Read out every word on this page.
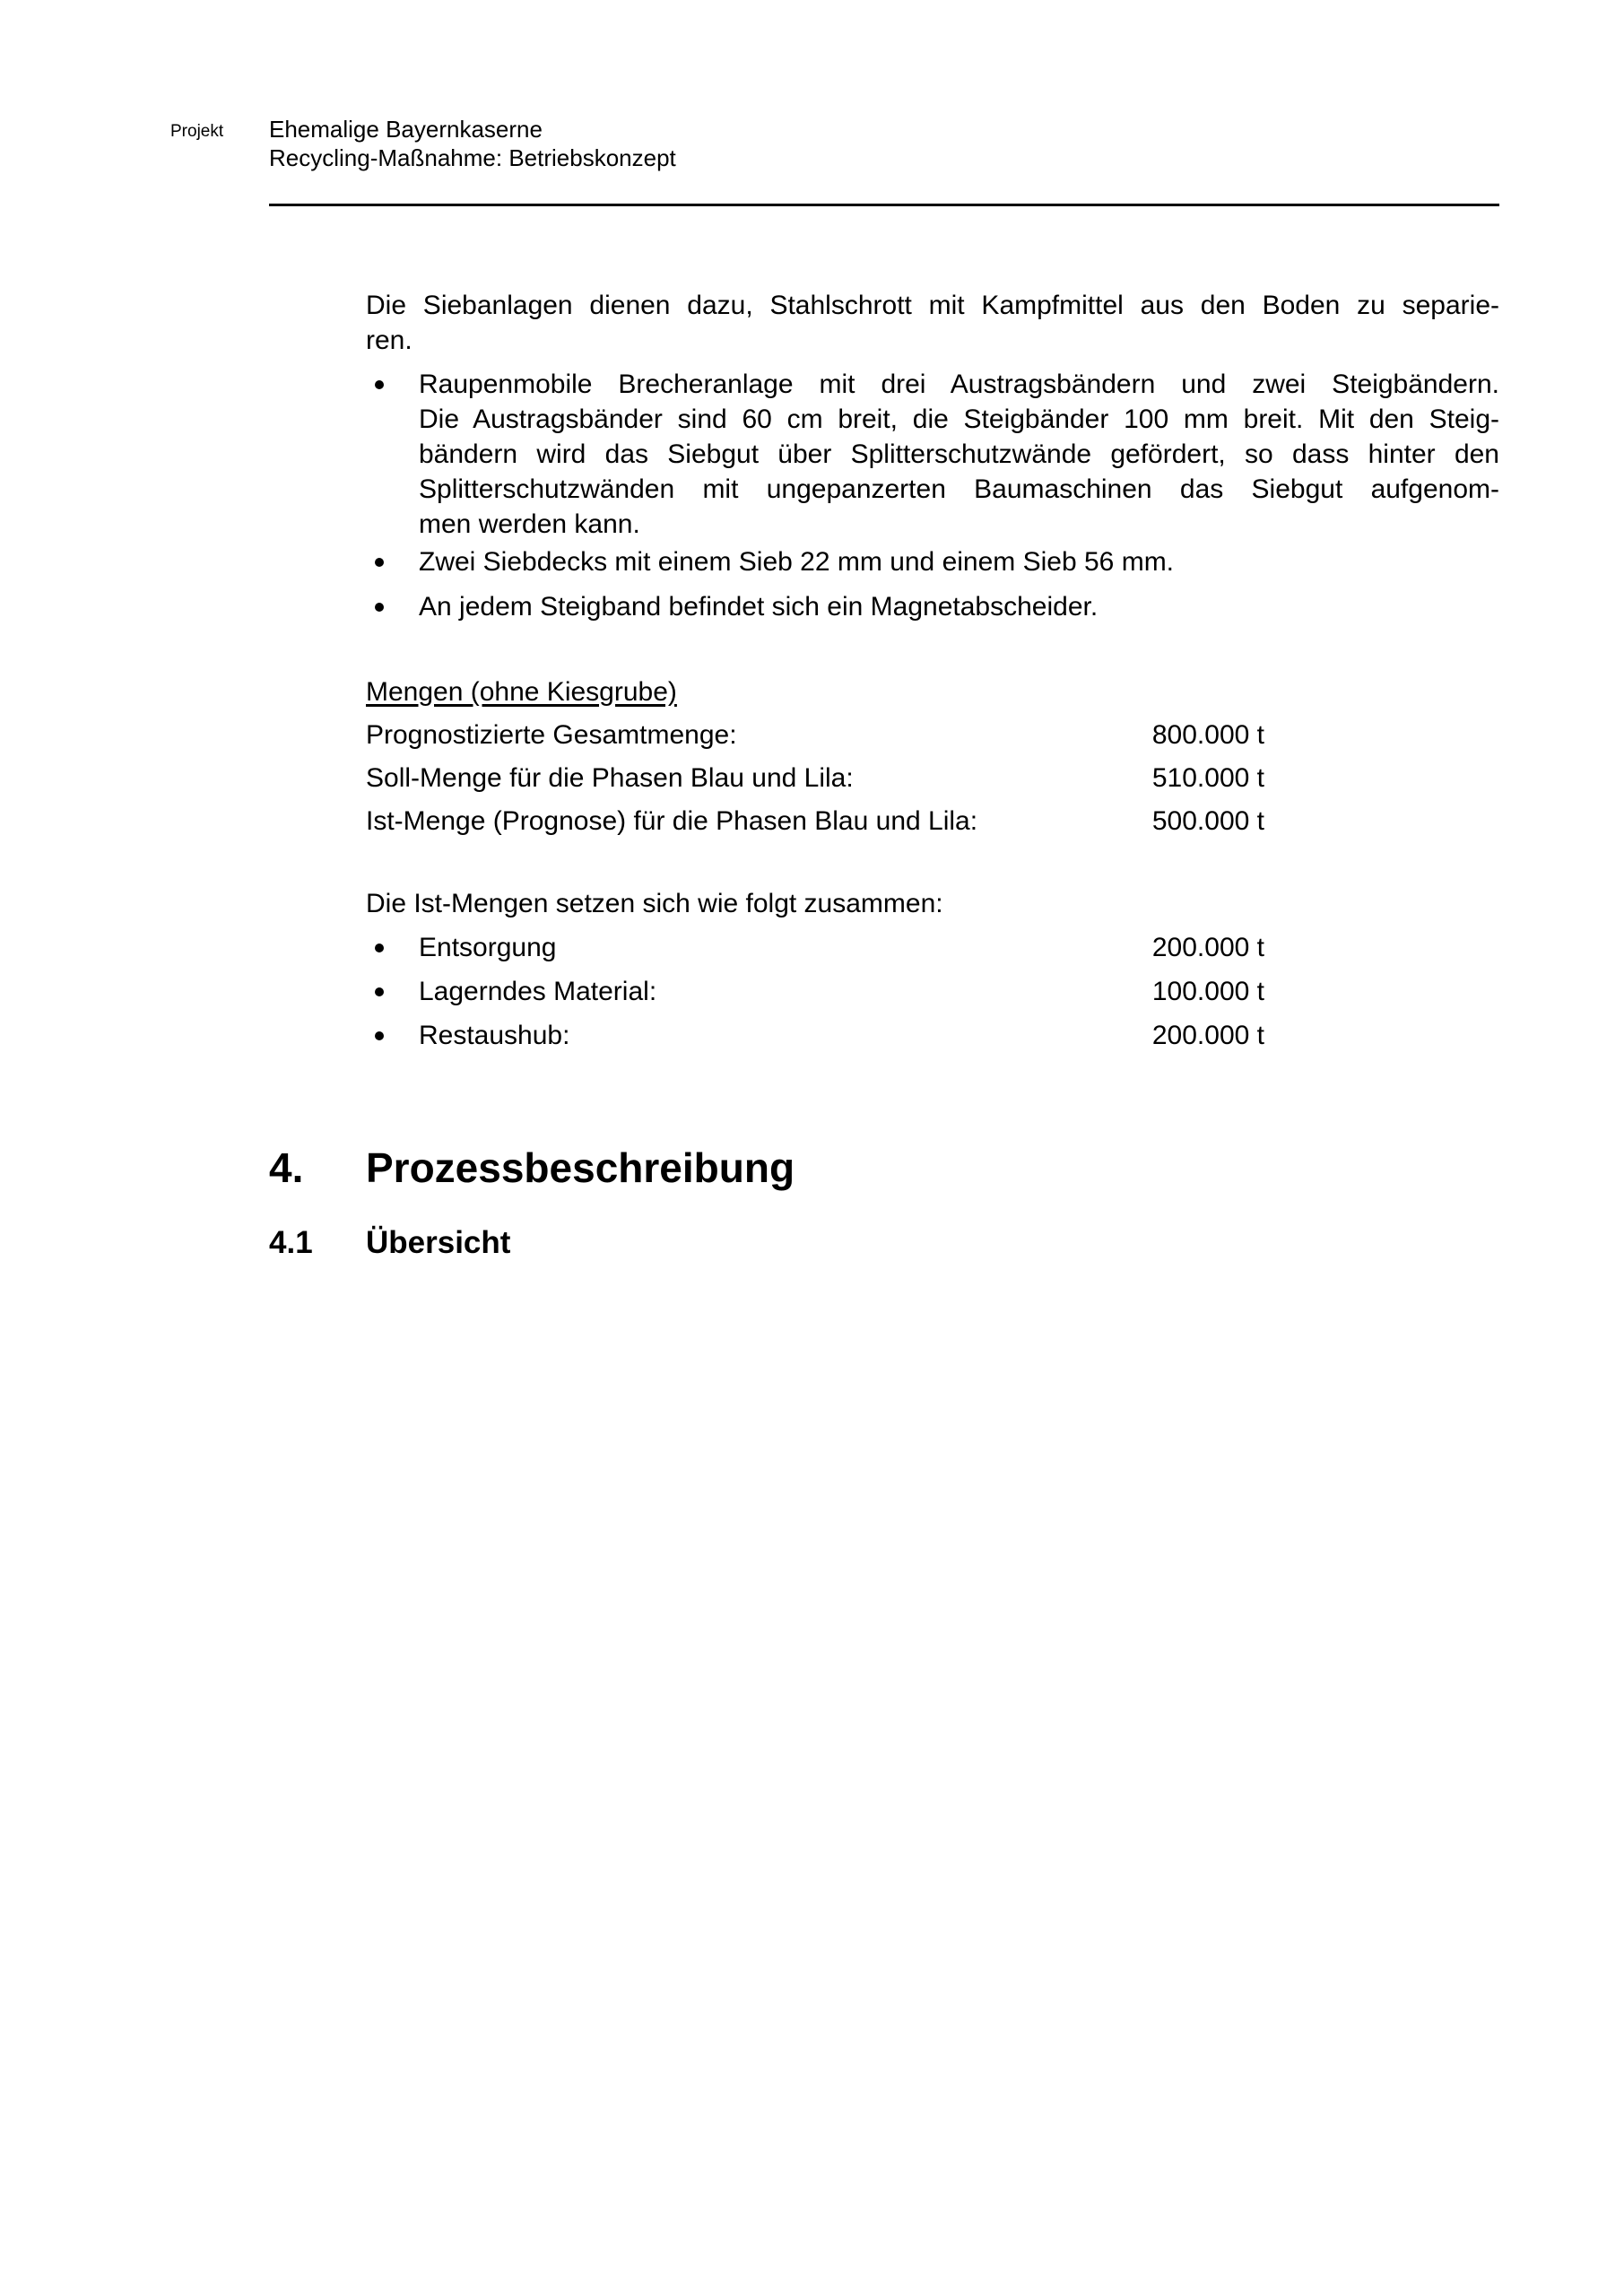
Projekt Ehemalige Bayernkaserne
Recycling-Maßnahme: Betriebskonzept
Die Siebanlagen dienen dazu, Stahlschrott mit Kampfmittel aus den Boden zu separie-
ren.
Raupenmobile Brecheranlage mit drei Austragsbändern und zwei Steigbändern.
Die Austragsbänder sind 60 cm breit, die Steigbänder 100 mm breit. Mit den Steig-
bändern wird das Siebgut über Splitterschutzwände gefördert, so dass hinter den
Splitterschutzwänden mit ungepanzerten Baumaschinen das Siebgut aufgenom-
men werden kann.
Zwei Siebdecks mit einem Sieb 22 mm und einem Sieb 56 mm.
An jedem Steigband befindet sich ein Magnetabscheider.
Mengen (ohne Kiesgrube)
Prognostizierte Gesamtmenge:	800.000 t
Soll-Menge für die Phasen Blau und Lila:	510.000 t
Ist-Menge (Prognose) für die Phasen Blau und Lila:	500.000 t
Die Ist-Mengen setzen sich wie folgt zusammen:
Entsorgung	200.000 t
Lagerndes Material:	100.000 t
Restaushub:	200.000 t
4. Prozessbeschreibung
4.1 Übersicht
